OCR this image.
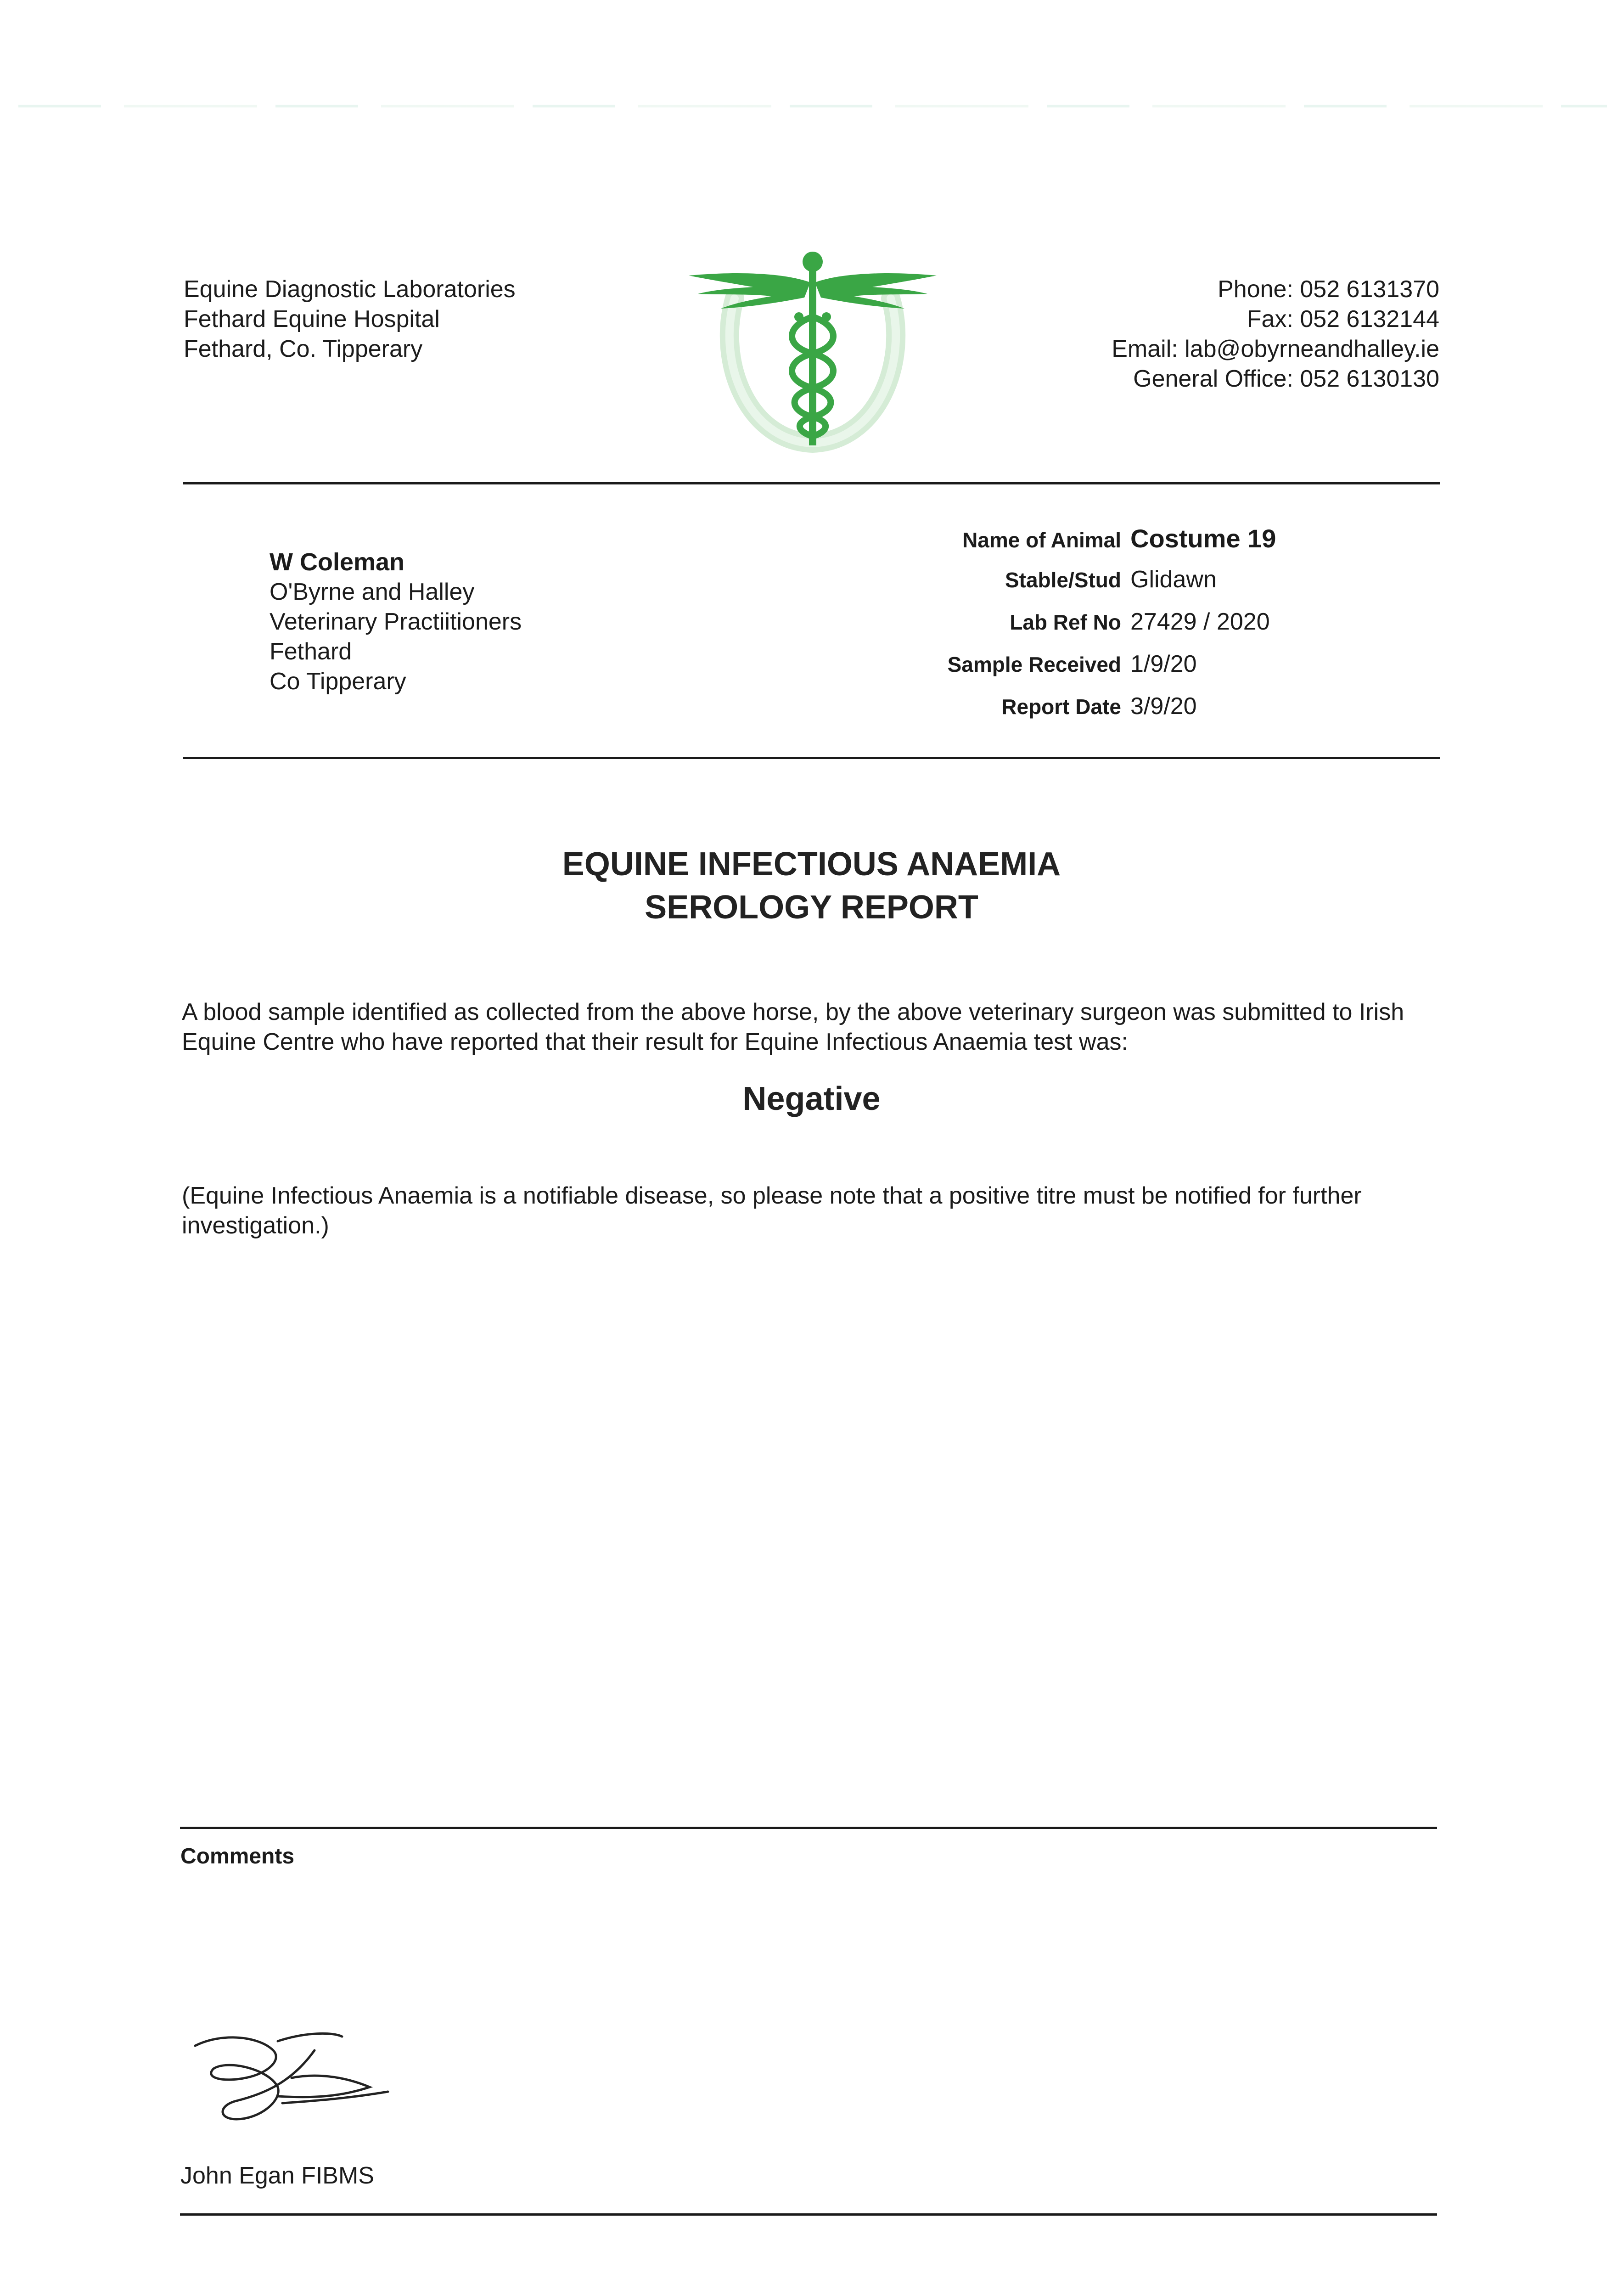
Equine Diagnostic Laboratories
Fethard Equine Hospital
Fethard, Co. Tipperary
Phone: 052 6131370
Fax: 052 6132144
Email: lab@obyrneandhalley.ie
General Office: 052 6130130
W Coleman
O'Byrne and Halley
Veterinary Practiitioners
Fethard
Co Tipperary
Name of Animal Costume 19
Stable/Stud Glidawn
Lab Ref No 27429 / 2020
Sample Received 1/9/20
Report Date 3/9/20
EQUINE INFECTIOUS ANAEMIA
SEROLOGY REPORT
A blood sample identified as collected from the above horse, by the above veterinary surgeon was submitted to Irish Equine Centre who have reported that their result for Equine Infectious Anaemia test was:
Negative
(Equine Infectious Anaemia is a notifiable disease, so please note that a positive titre must be notified for further investigation.)
Comments
John Egan FIBMS
